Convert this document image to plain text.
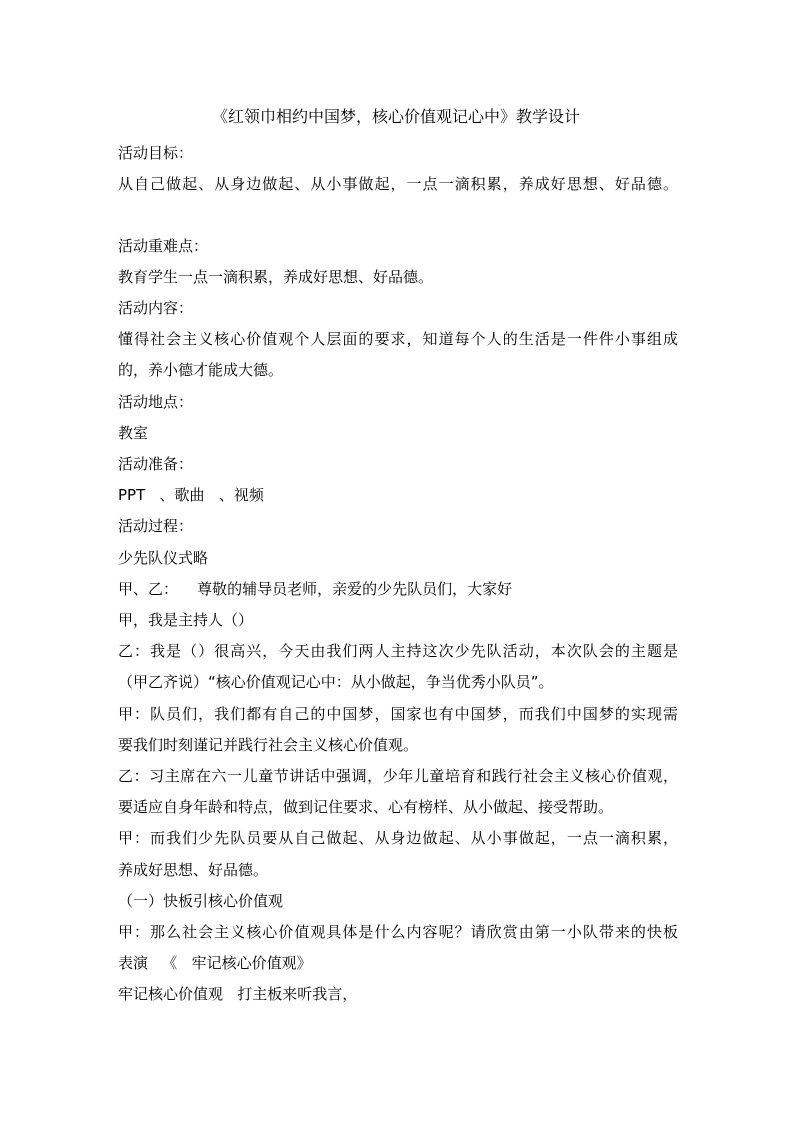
《红领巾相约中国梦，核心价值观记心中》教学设计
活动目标：
从自己做起、从身边做起、从小事做起，一点一滴积累，养成好思想、好品德。
活动重难点：
教育学生一点一滴积累，养成好思想、好品德。
活动内容：
懂得社会主义核心价值观个人层面的要求，知道每个人的生活是一件件小事组成
的，养小德才能成大德。
活动地点：
教室
活动准备：
PPT   、歌曲   、视频
活动过程：
少先队仪式略
甲、乙：    尊敬的辅导员老师，亲爱的少先队员们，大家好
甲，我是主持人（）
乙：我是（）很高兴，今天由我们两人主持这次少先队活动，本次队会的主题是
（甲乙齐说）“核心价值观记心中：从小做起，争当优秀小队员”。
甲：队员们，我们都有自己的中国梦，国家也有中国梦，而我们中国梦的实现需
要我们时刻谨记并践行社会主义核心价值观。
乙：习主席在六一儿童节讲话中强调，少年儿童培育和践行社会主义核心价值观，
要适应自身年龄和特点，做到记住要求、心有榜样、从小做起、接受帮助。
甲：而我们少先队员要从自己做起、从身边做起、从小事做起，一点一滴积累，
养成好思想、好品德。
（一）快板引核心价值观
甲：那么社会主义核心价值观具体是什么内容呢？请欣赏由第一小队带来的快板
表演   《   牢记核心价值观》
牢记核心价值观   打主板来听我言，
